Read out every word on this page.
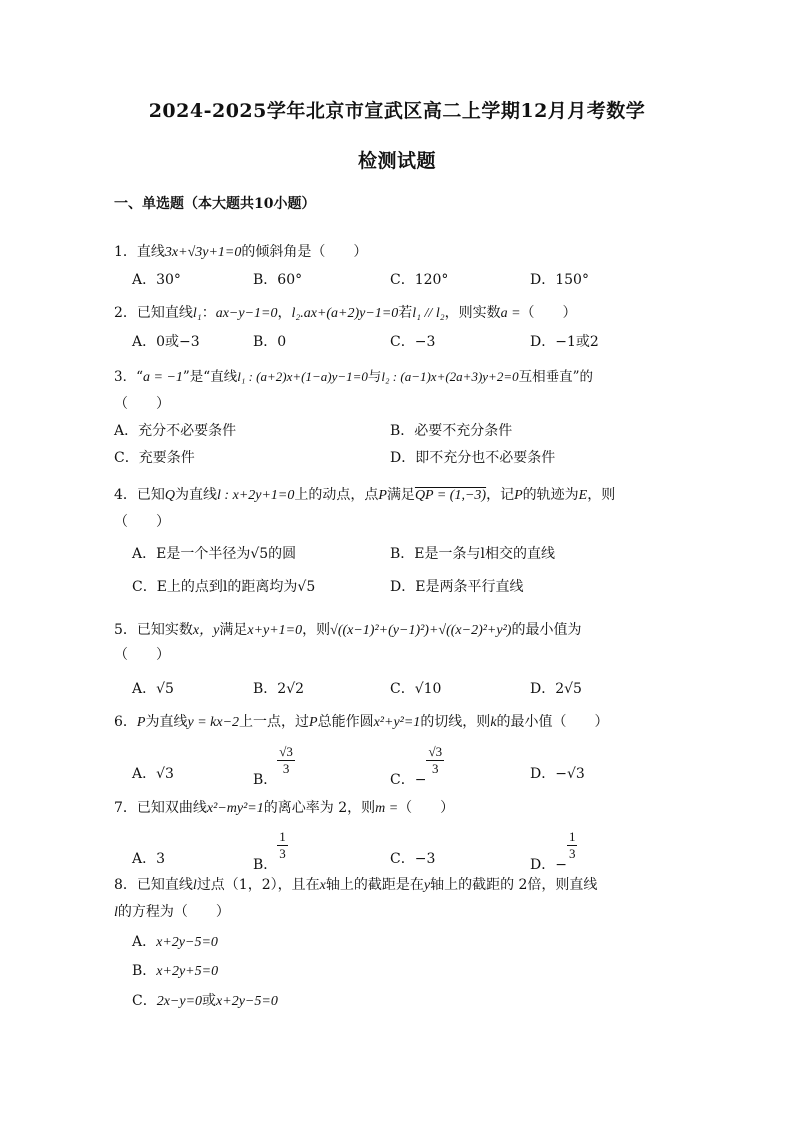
2024-2025学年北京市宣武区高二上学期12月月考数学
检测试题
一、单选题（本大题共10小题）
1．直线3x+√3y+1=0的倾斜角是（　　）
A．30°	B．60°	C．120°	D．150°
2．已知直线l₁：ax−y−1=0，l₂.ax+(a+2)y−1=0若l₁ // l₂，则实数a =（　　）
A．0或−3	B．0	C．−3	D．−1或2
3．“a = −1”是“直线l₁ : (a+2)x+(1−a)y−1=0与l₂ : (a−1)x+(2a+3)y+2=0互相垂直”的
（　　）
A．充分不必要条件	B．必要不充分条件
C．充要条件	D．即不充分也不必要条件
4．已知Q为直线l : x+2y+1=0上的动点，点P满足QP = (1,−3)，记P的轨迹为E，则
（　　）
A．E是一个半径为√5的圆	B．E是一条与l相交的直线
C．E上的点到l的距离均为√5	D．E是两条平行直线
5．已知实数x，y满足x+y+1=0，则√((x−1)²+(y−1)²)+√((x−2)²+y²)的最小值为
（　　）
A．√5	B．2√2	C．√10	D．2√5
6．P为直线y = kx−2上一点，过P总能作圆x²+y²=1的切线，则k的最小值（　　）
A．√3	B．
$\frac{√3}{3}$
C．−
$\frac{√3}{3}$	D．−√3
7．已知双曲线x²−my²=1的离心率为 2，则m =（　　）
A．3	B．
$\frac{1}{3}$	C．−3	D．−
$\frac{1}{3}$
8．已知直线l过点（1，2），且在x轴上的截距是在y轴上的截距的 2倍，则直线
l的方程为（　　）
A．x+2y−5=0
B．x+2y+5=0
C．2x−y=0或x+2y−5=0
